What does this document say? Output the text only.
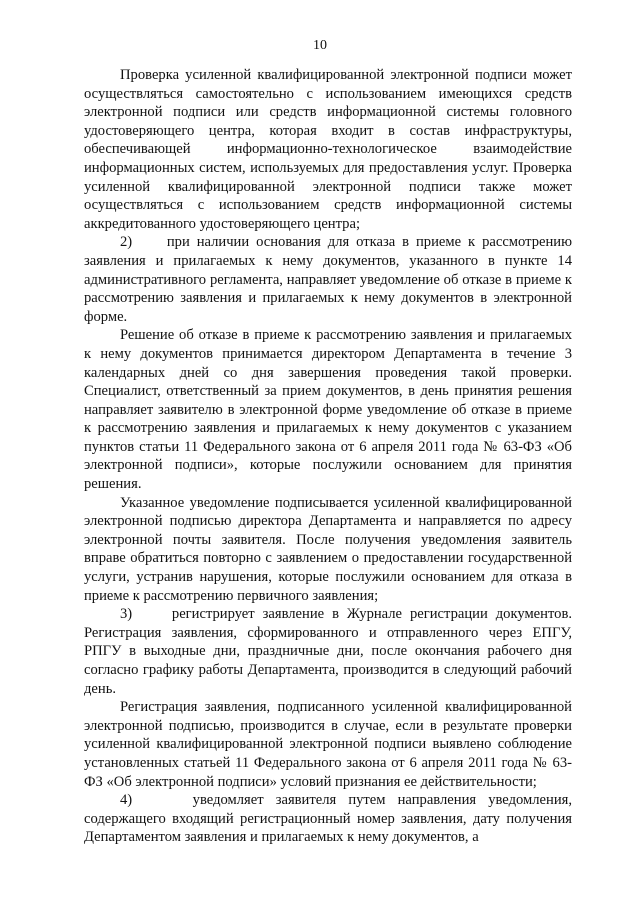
10

Проверка усиленной квалифицированной электронной подписи может осуществляться самостоятельно с использованием имеющихся средств электронной подписи или средств информационной системы головного удостоверяющего центра, которая входит в состав инфраструктуры, обеспечивающей информационно-технологическое взаимодействие информационных систем, используемых для предоставления услуг. Проверка усиленной квалифицированной электронной подписи также может осуществляться с использованием средств информационной системы аккредитованного удостоверяющего центра;

2)     при наличии основания для отказа в приеме к рассмотрению заявления и прилагаемых к нему документов, указанного в пункте 14 административного регламента, направляет уведомление об отказе в приеме к рассмотрению заявления и прилагаемых к нему документов в электронной форме.

Решение об отказе в приеме к рассмотрению заявления и прилагаемых к нему документов принимается директором Департамента в течение 3 календарных дней со дня завершения проведения такой проверки. Специалист, ответственный за прием документов, в день принятия решения направляет заявителю в электронной форме уведомление об отказе в приеме к рассмотрению заявления и прилагаемых к нему документов с указанием пунктов статьи 11 Федерального закона от 6 апреля 2011 года № 63-ФЗ «Об электронной подписи», которые послужили основанием для принятия решения.

Указанное уведомление подписывается усиленной квалифицированной электронной подписью директора Департамента и направляется по адресу электронной почты заявителя. После получения уведомления заявитель вправе обратиться повторно с заявлением о предоставлении государственной услуги, устранив нарушения, которые послужили основанием для отказа в приеме к рассмотрению первичного заявления;

3)     регистрирует заявление в Журнале регистрации документов. Регистрация заявления, сформированного и отправленного через ЕПГУ, РПГУ в выходные дни, праздничные дни, после окончания рабочего дня согласно графику работы Департамента, производится в следующий рабочий день.

Регистрация заявления, подписанного усиленной квалифицированной электронной подписью, производится в случае, если в результате проверки усиленной квалифицированной электронной подписи выявлено соблюдение установленных статьей 11 Федерального закона от 6 апреля 2011 года № 63-ФЗ «Об электронной подписи» условий признания ее действительности;

4)     уведомляет заявителя путем направления уведомления, содержащего входящий регистрационный номер заявления, дату получения Департаментом заявления и прилагаемых к нему документов, а
